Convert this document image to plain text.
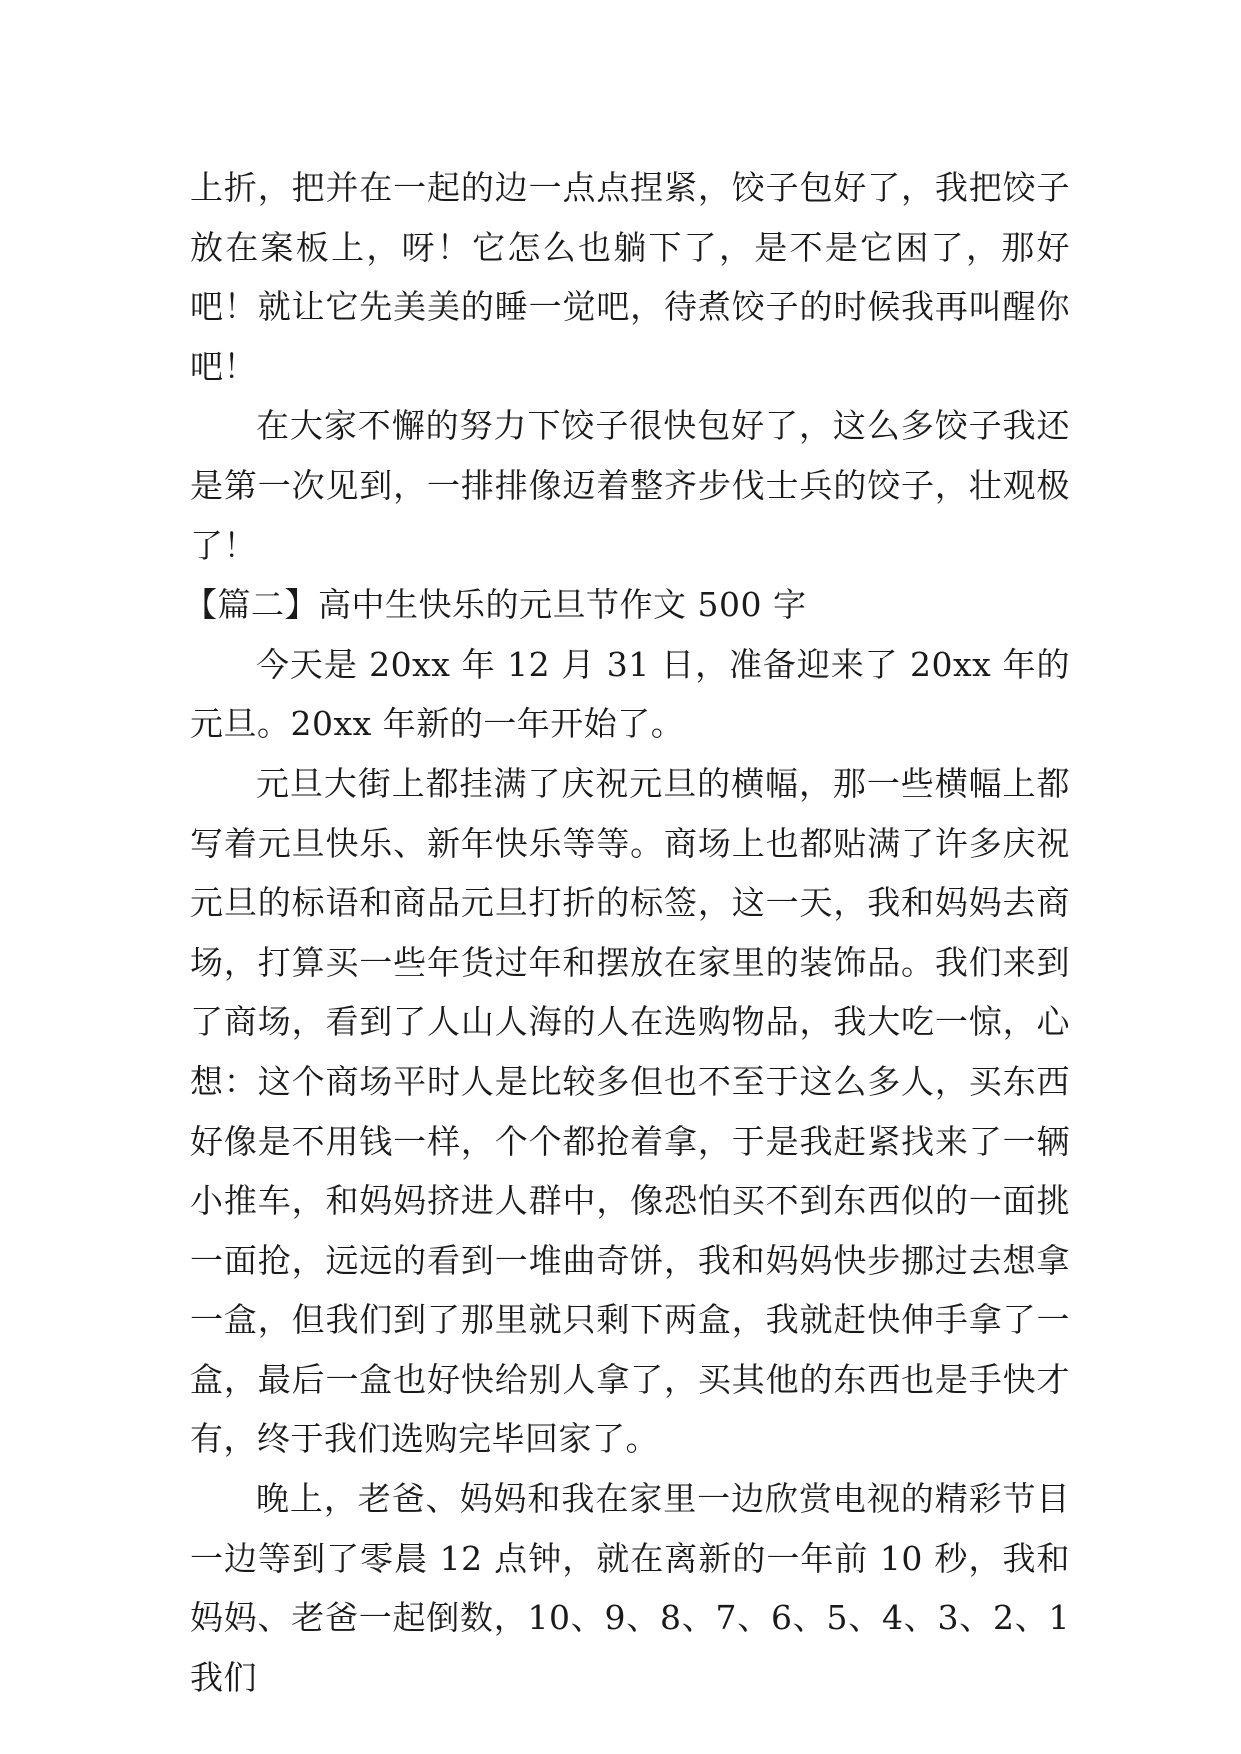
上折，把并在一起的边一点点捏紧，饺子包好了，我把饺子放在案板上，呀！它怎么也躺下了，是不是它困了，那好吧！就让它先美美的睡一觉吧，待煮饺子的时候我再叫醒你吧！

在大家不懈的努力下饺子很快包好了，这么多饺子我还是第一次见到，一排排像迈着整齐步伐士兵的饺子，壮观极了！

【篇二】高中生快乐的元旦节作文 500 字

今天是 20xx 年 12 月 31 日，准备迎来了 20xx 年的元旦。20xx 年新的一年开始了。

元旦大街上都挂满了庆祝元旦的横幅，那一些横幅上都写着元旦快乐、新年快乐等等。商场上也都贴满了许多庆祝元旦的标语和商品元旦打折的标签，这一天，我和妈妈去商场，打算买一些年货过年和摆放在家里的装饰品。我们来到了商场，看到了人山人海的人在选购物品，我大吃一惊，心想：这个商场平时人是比较多但也不至于这么多人，买东西好像是不用钱一样，个个都抢着拿，于是我赶紧找来了一辆小推车，和妈妈挤进人群中，像恐怕买不到东西似的一面挑一面抢，远远的看到一堆曲奇饼，我和妈妈快步挪过去想拿一盒，但我们到了那里就只剩下两盒，我就赶快伸手拿了一盒，最后一盒也好快给别人拿了，买其他的东西也是手快才有，终于我们选购完毕回家了。

晚上，老爸、妈妈和我在家里一边欣赏电视的精彩节目一边等到了零晨 12 点钟，就在离新的一年前 10 秒，我和妈妈、老爸一起倒数，10、9、8、7、6、5、4、3、2、1 我们
